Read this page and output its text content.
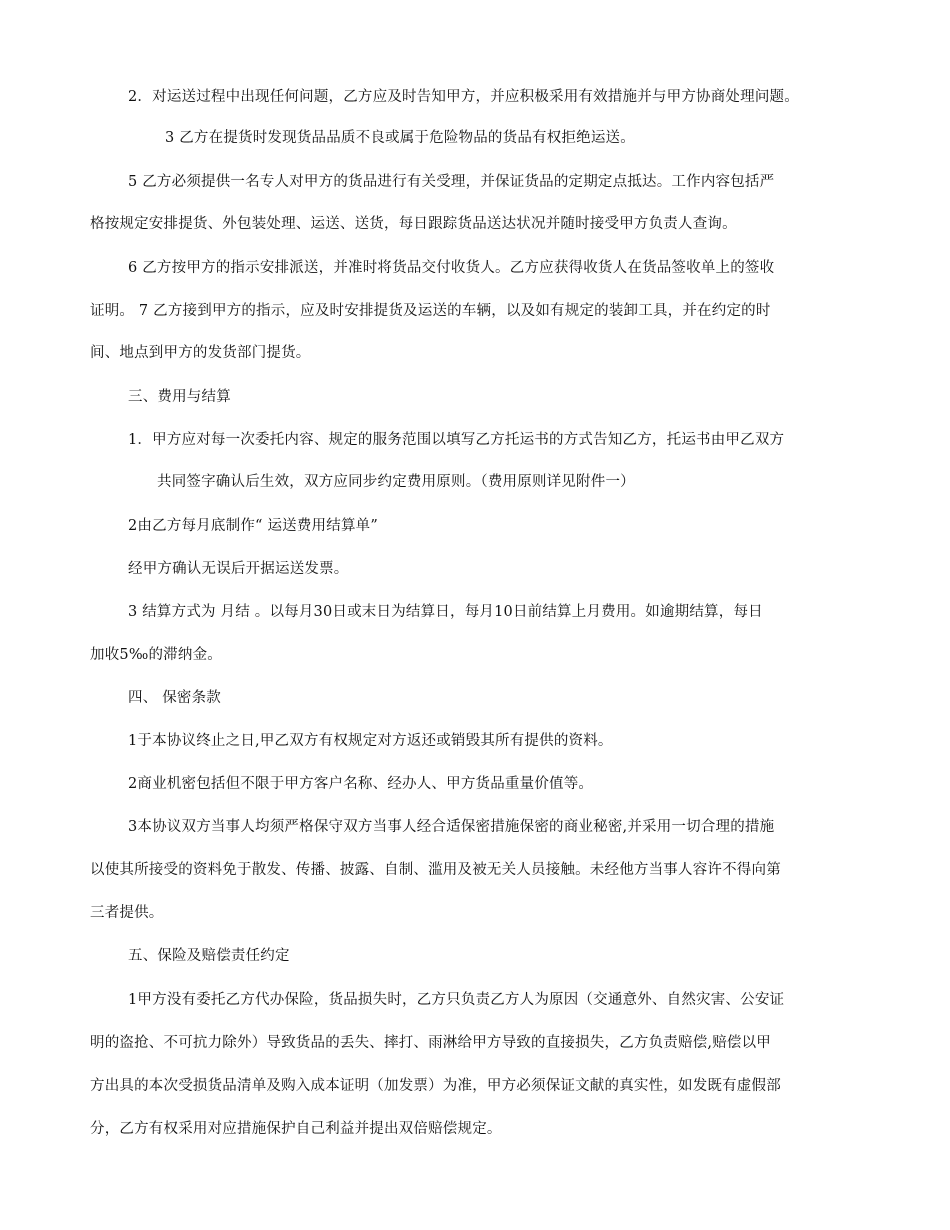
2．对运送过程中出现任何问题，乙方应及时告知甲方，并应积极采用有效措施并与甲方协商处理问题。
3 乙方在提货时发现货品品质不良或属于危险物品的货品有权拒绝运送。
5 乙方必须提供一名专人对甲方的货品进行有关受理，并保证货品的定期定点抵达。工作内容包括严
格按规定安排提货、外包装处理、运送、送货，每日跟踪货品送达状况并随时接受甲方负责人查询。
6 乙方按甲方的指示安排派送，并准时将货品交付收货人。乙方应获得收货人在货品签收单上的签收
证明。 7 乙方接到甲方的指示，应及时安排提货及运送的车辆，以及如有规定的装卸工具，并在约定的时
间、地点到甲方的发货部门提货。
三、费用与结算
1．甲方应对每一次委托内容、规定的服务范围以填写乙方托运书的方式告知乙方，托运书由甲乙双方
共同签字确认后生效，双方应同步约定费用原则。（费用原则详见附件一）
2由乙方每月底制作“ 运送费用结算单”
经甲方确认无误后开据运送发票。
3 结算方式为 月结 。以每月30日或末日为结算日，每月10日前结算上月费用。如逾期结算，每日
加收5‰的滞纳金。
四、 保密条款
1于本协议终止之日,甲乙双方有权规定对方返还或销毁其所有提供的资料。
2商业机密包括但不限于甲方客户名称、经办人、甲方货品重量价值等。
3本协议双方当事人均须严格保守双方当事人经合适保密措施保密的商业秘密,并采用一切合理的措施
以使其所接受的资料免于散发、传播、披露、自制、滥用及被无关人员接触。未经他方当事人容许不得向第
三者提供。
五、保险及赔偿责任约定
1甲方没有委托乙方代办保险，货品损失时，乙方只负责乙方人为原因（交通意外、自然灾害、公安证
明的盗抢、不可抗力除外）导致货品的丢失、摔打、雨淋给甲方导致的直接损失，乙方负责赔偿,赔偿以甲
方出具的本次受损货品清单及购入成本证明（加发票）为准，甲方必须保证文献的真实性，如发既有虚假部
分，乙方有权采用对应措施保护自己利益并提出双倍赔偿规定。
